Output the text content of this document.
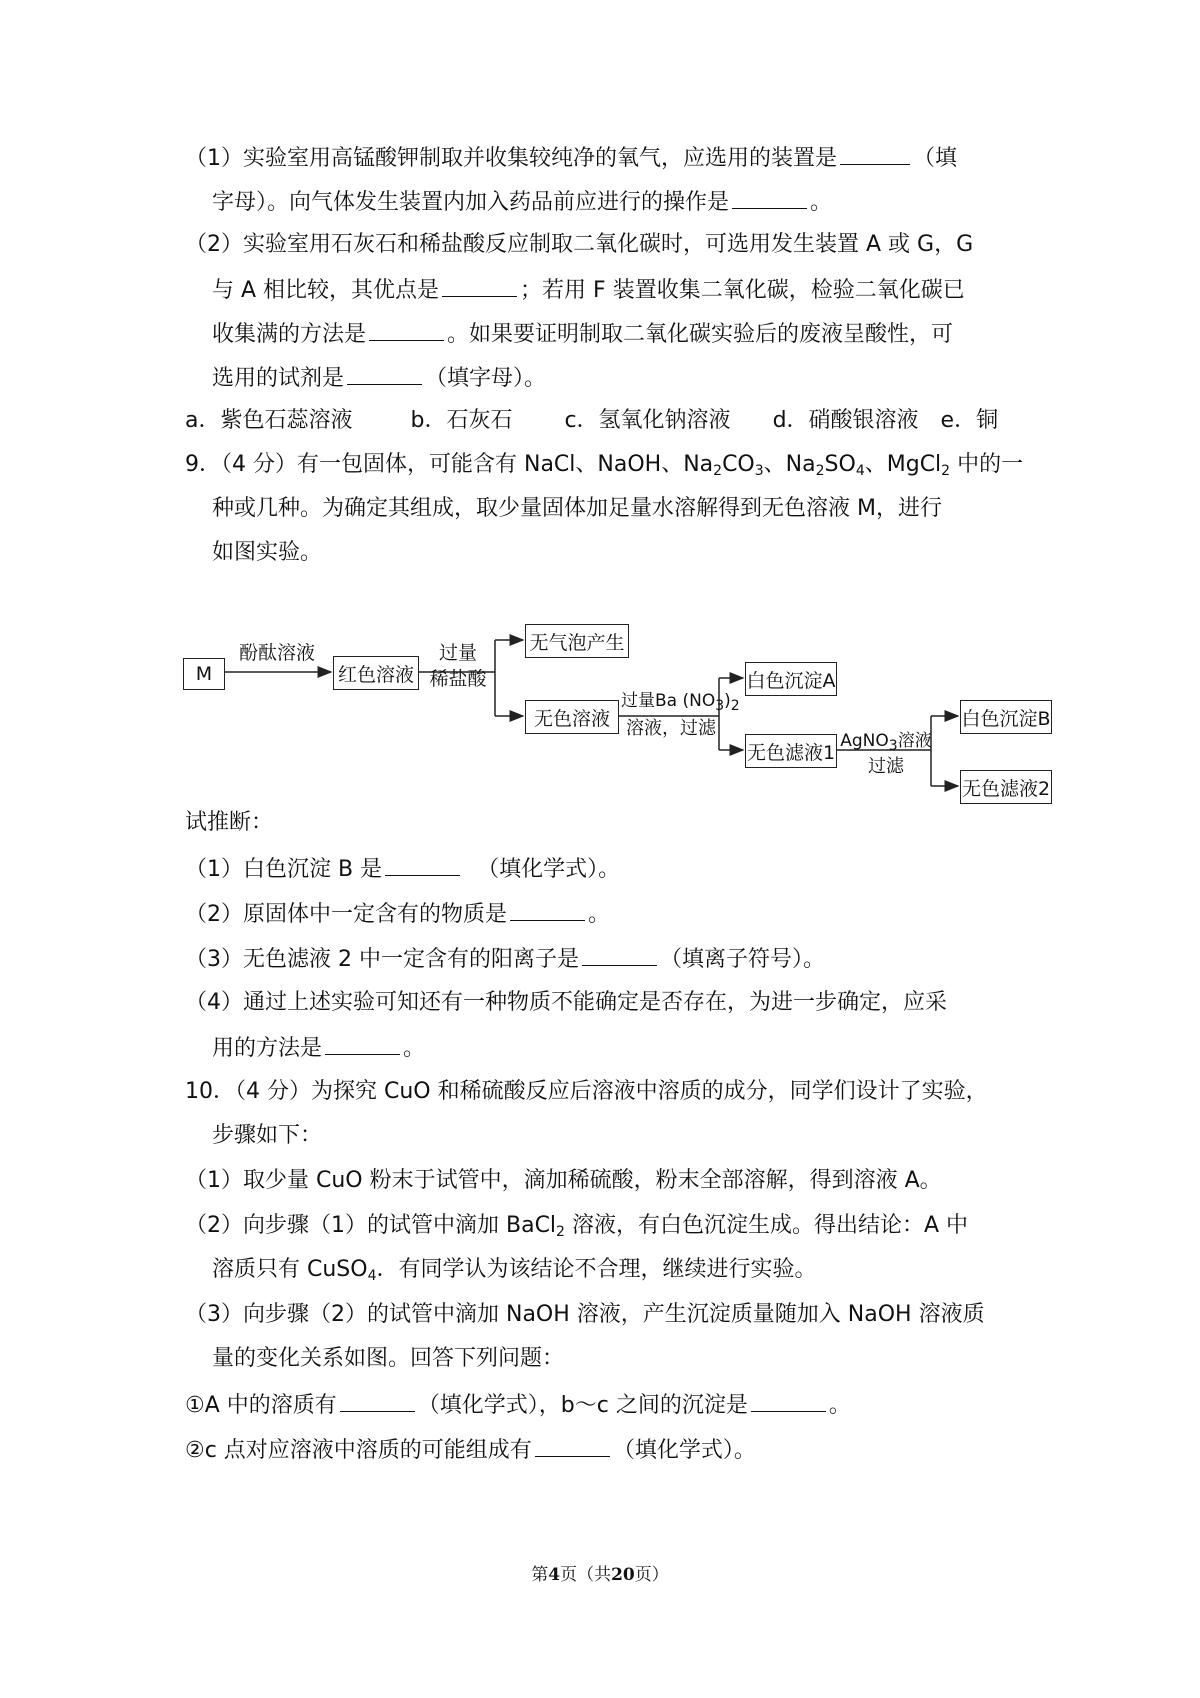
（1）实验室用高锰酸钾制取并收集较纯净的氧气，应选用的装置是	（填
字母）。向气体发生装置内加入药品前应进行的操作是	。
（2）实验室用石灰石和稀盐酸反应制取二氧化碳时，可选用发生装置 A 或 G，G
与 A 相比较，其优点是	；若用 F 装置收集二氧化碳，检验二氧化碳已
收集满的方法是	。如果要证明制取二氧化碳实验后的废液呈酸性，可
选用的试剂是	（填字母）。
a．紫色石蕊溶液	b．石灰石 c．氢氧化钠溶液 d．硝酸银溶液 e．铜
9．（4 分）有一包固体，可能含有 NaCl、NaOH、$Na_2CO_3$、$Na_2SO_4$、MgCl$_2$ 中的一
种或几种。为确定其组成，取少量固体加足量水溶解得到无色溶液 M，进行
如图实验。
M
酚酞溶液
红色溶液
过量
稀盐酸
无气泡产生
无色溶液
过量Ba $(NO_3)_2$
溶液，过滤
白色沉淀A
无色滤液1
AgNO$_3$溶液
过滤
白色沉淀B
无色滤液2
试推断：
（1）白色沉淀 B 是	（填化学式）。
（2）原固体中一定含有的物质是	。
（3）无色滤液 2 中一定含有的阳离子是	（填离子符号）。
（4）通过上述实验可知还有一种物质不能确定是否存在，为进一步确定，应采
用的方法是	。
10．（4 分）为探究 CuO 和稀硫酸反应后溶液中溶质的成分，同学们设计了实验，
步骤如下：
（1）取少量 CuO 粉末于试管中，滴加稀硫酸，粉末全部溶解，得到溶液 A。
（2）向步骤（1）的试管中滴加 BaCl$_2$ 溶液，有白色沉淀生成。得出结论：A 中
溶质只有 CuSO$_4$．有同学认为该结论不合理，继续进行实验。
（3）向步骤（2）的试管中滴加 NaOH 溶液，产生沉淀质量随加入 NaOH 溶液质
量的变化关系如图。回答下列问题：
①A 中的溶质有	（填化学式），b～c 之间的沉淀是	。
②c 点对应溶液中溶质的可能组成有	（填化学式）。
第4页（共20页）
